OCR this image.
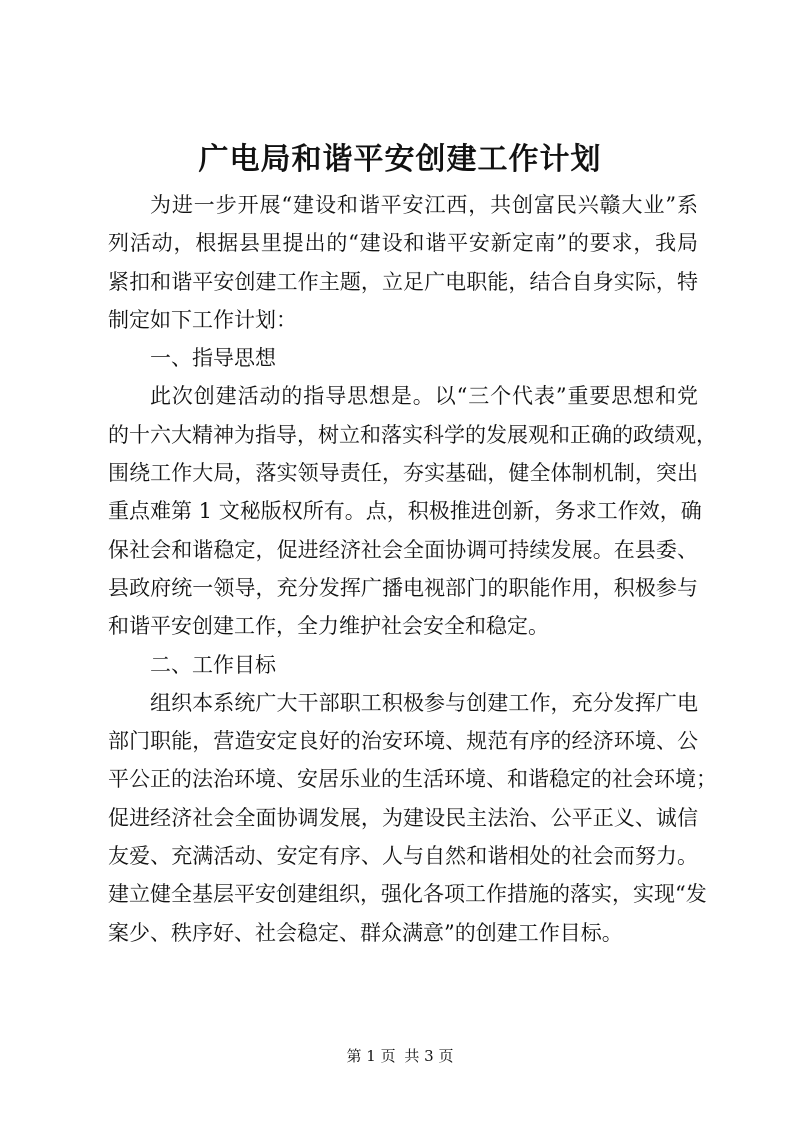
广电局和谐平安创建工作计划
为进一步开展“建设和谐平安江西，共创富民兴赣大业”系
列活动，根据县里提出的“建设和谐平安新定南”的要求，我局
紧扣和谐平安创建工作主题，立足广电职能，结合自身实际，特
制定如下工作计划：
一、指导思想
此次创建活动的指导思想是。以“三个代表”重要思想和党
的十六大精神为指导，树立和落实科学的发展观和正确的政绩观，
围绕工作大局，落实领导责任，夯实基础，健全体制机制，突出
重点难第 1 文秘版权所有。点，积极推进创新，务求工作效，确
保社会和谐稳定，促进经济社会全面协调可持续发展。在县委、
县政府统一领导，充分发挥广播电视部门的职能作用，积极参与
和谐平安创建工作，全力维护社会安全和稳定。
二、工作目标
组织本系统广大干部职工积极参与创建工作，充分发挥广电
部门职能，营造安定良好的治安环境、规范有序的经济环境、公
平公正的法治环境、安居乐业的生活环境、和谐稳定的社会环境；
促进经济社会全面协调发展，为建设民主法治、公平正义、诚信
友爱、充满活动、安定有序、人与自然和谐相处的社会而努力。
建立健全基层平安创建组织，强化各项工作措施的落实，实现“发
案少、秩序好、社会稳定、群众满意”的创建工作目标。
第 1 页 共 3 页
